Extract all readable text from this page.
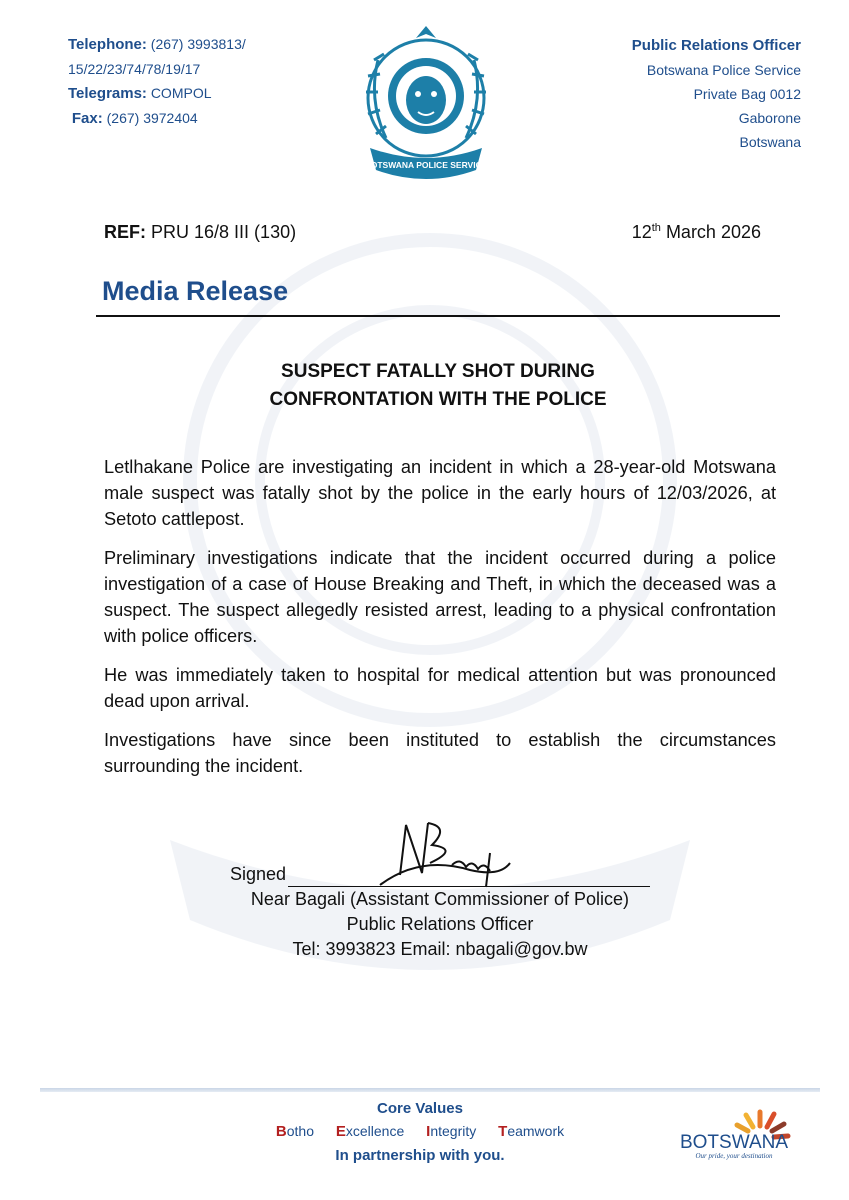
Telephone: (267) 3993813/
15/22/23/74/78/19/17
Telegrams: COMPOL
Fax: (267) 3972404
BOTSWANA POLICE SERVICE
Public Relations Officer
Botswana Police Service
Private Bag 0012
Gaborone
Botswana
REF: PRU 16/8 III (130)	12th March 2026
Media Release
SUSPECT FATALLY SHOT DURING
CONFRONTATION WITH THE POLICE

Letlhakane Police are investigating an incident in which a 28-year-old Motswana male suspect was fatally shot by the police in the early hours of 12/03/2026, at Setoto cattlepost.

Preliminary investigations indicate that the incident occurred during a police investigation of a case of House Breaking and Theft, in which the deceased was a suspect. The suspect allegedly resisted arrest, leading to a physical confrontation with police officers.

He was immediately taken to hospital for medical attention but was pronounced dead upon arrival.

Investigations have since been instituted to establish the circumstances surrounding the incident.

Signed
Near Bagali (Assistant Commissioner of Police)
Public Relations Officer
Tel: 3993823 Email: nbagali@gov.bw
Core Values
Botho Excellence Integrity Teamwork
In partnership with you.
BOTSWANA
Our pride, your destination
